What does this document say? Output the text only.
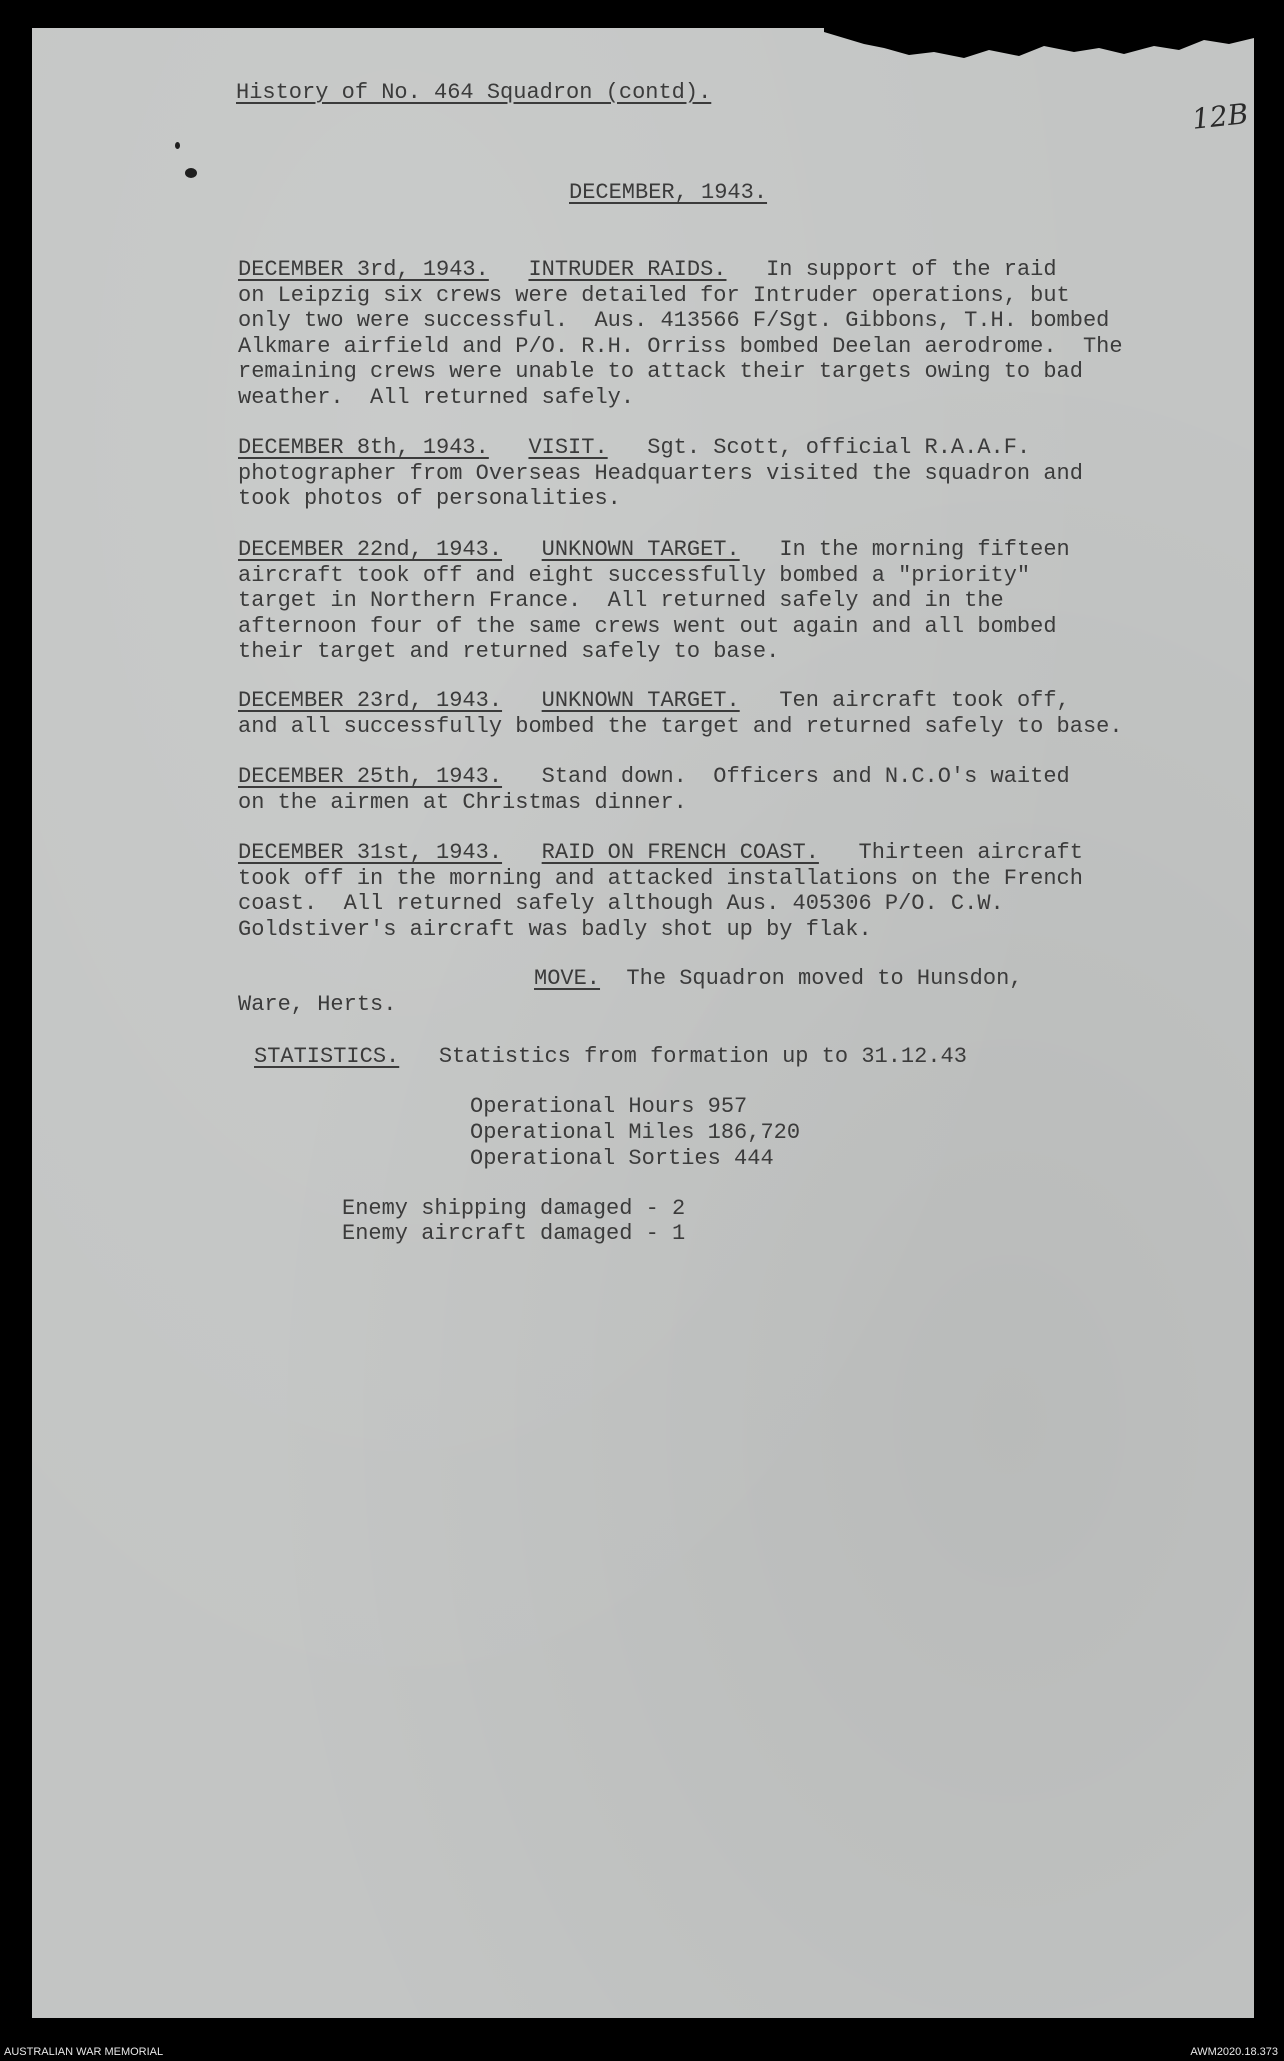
History of No. 464 Squadron (contd).
12B
DECEMBER, 1943.
DECEMBER 3rd, 1943. INTRUDER RAIDS. In support of the raid
on Leipzig six crews were detailed for Intruder operations, but
only two were successful.  Aus. 413566 F/Sgt. Gibbons, T.H. bombed
Alkmare airfield and P/O. R.H. Orriss bombed Deelan aerodrome.  The
remaining crews were unable to attack their targets owing to bad
weather.  All returned safely.
DECEMBER 8th, 1943. VISIT. Sgt. Scott, official R.A.A.F.
photographer from Overseas Headquarters visited the squadron and
took photos of personalities.
DECEMBER 22nd, 1943. UNKNOWN TARGET. In the morning fifteen
aircraft took off and eight successfully bombed a "priority"
target in Northern France.  All returned safely and in the
afternoon four of the same crews went out again and all bombed
their target and returned safely to base.
DECEMBER 23rd, 1943. UNKNOWN TARGET. Ten aircraft took off,
and all successfully bombed the target and returned safely to base.
DECEMBER 25th, 1943. Stand down.  Officers and N.C.O's waited
on the airmen at Christmas dinner.
DECEMBER 31st, 1943. RAID ON FRENCH COAST. Thirteen aircraft
took off in the morning and attacked installations on the French
coast.  All returned safely although Aus. 405306 P/O. C.W.
Goldstiver's aircraft was badly shot up by flak.
MOVE. The Squadron moved to Hunsdon,
Ware, Herts.
STATISTICS. Statistics from formation up to 31.12.43
Operational Hours 957
Operational Miles 186,720
Operational Sorties 444
Enemy shipping damaged - 2
Enemy aircraft damaged - 1
AUSTRALIAN WAR MEMORIAL	AWM2020.18.373
